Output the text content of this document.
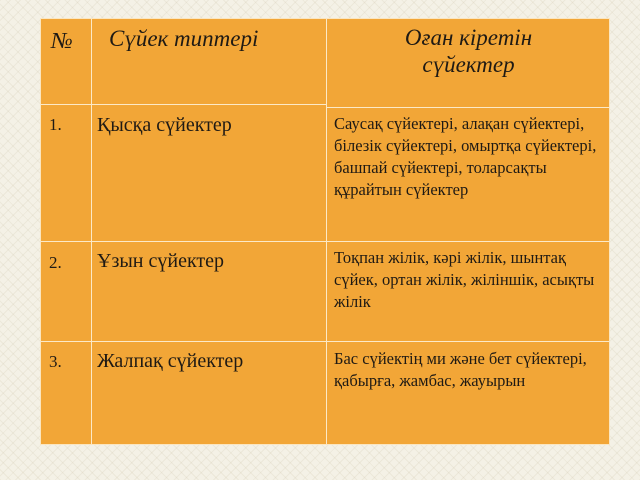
№ Сүйек типтері	Оған кіретін
сүйектер
1. Қысқа сүйектер	Саусақ сүйектері, алақан сүйектері, білезік сүйектері, омыртқа сүйектері, башпай сүйектері, толарсақты құрайтын сүйектер
2. Ұзын сүйектер	Тоқпан жілік, кәрі жілік, шынтақ сүйек, ортан жілік, жіліншік, асықты жілік
3. Жалпақ сүйектер	Бас сүйектің ми және бет сүйектері, қабырға, жамбас, жауырын
